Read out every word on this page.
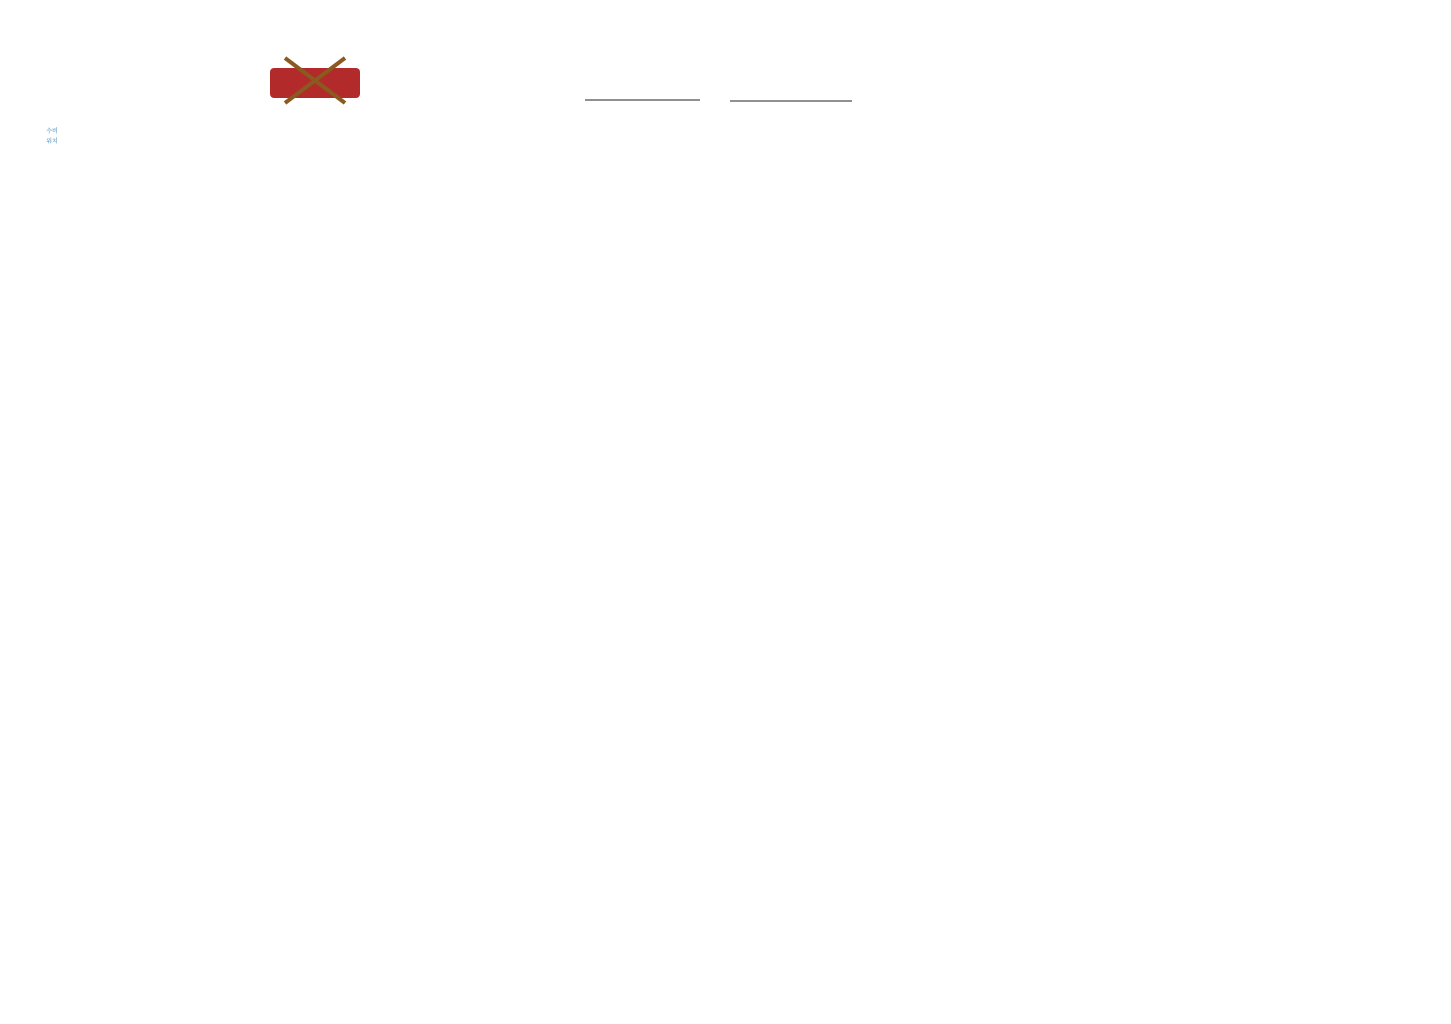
수비
위치
